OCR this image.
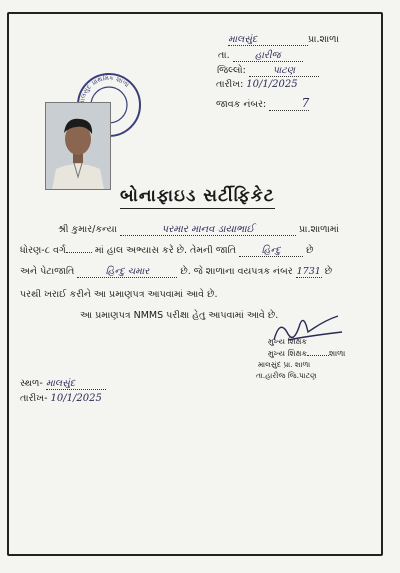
માલસુંદ	પ્રા.શાળા
તા.	હારીજ
જિલ્લો:	પાટણ
તારીખ: 10/1/2025
જાવક નંબર:	7
લસુંદ પ્રાથમિક શાળા
બોનાફાઇડ સર્ટીફિકેટ
શ્રી કુમાર/કન્યા	પરમાર માનવ ડાયાભાઈ	પ્રા.શાળામાં
ધોરણ-૮ વર્ગ	માં હાલ અભ્યાસ કરે છે. તેમની જાતિ	હિન્દુ	છે
અને પેટાજાતિ	હિન્દુ ચમાર	છે. જે શાળાના વયપત્રક નંબર 1731 છે
પરથી ખરાઈ કરીને આ પ્રમાણપત્ર આપવામાં આવે છે.
આ પ્રમાણપત્ર NMMS પરીક્ષા હેતુ આપવામાં આવે છે.
મુખ્ય શિક્ષક
મુખ્ય શિક્ષક	શાળા
માલસુંદ પ્રા. શાળા
તા.હારીજ જિ.પાટણ
સ્થળ- માલસુંદ
તારીખ- 10/1/2025
